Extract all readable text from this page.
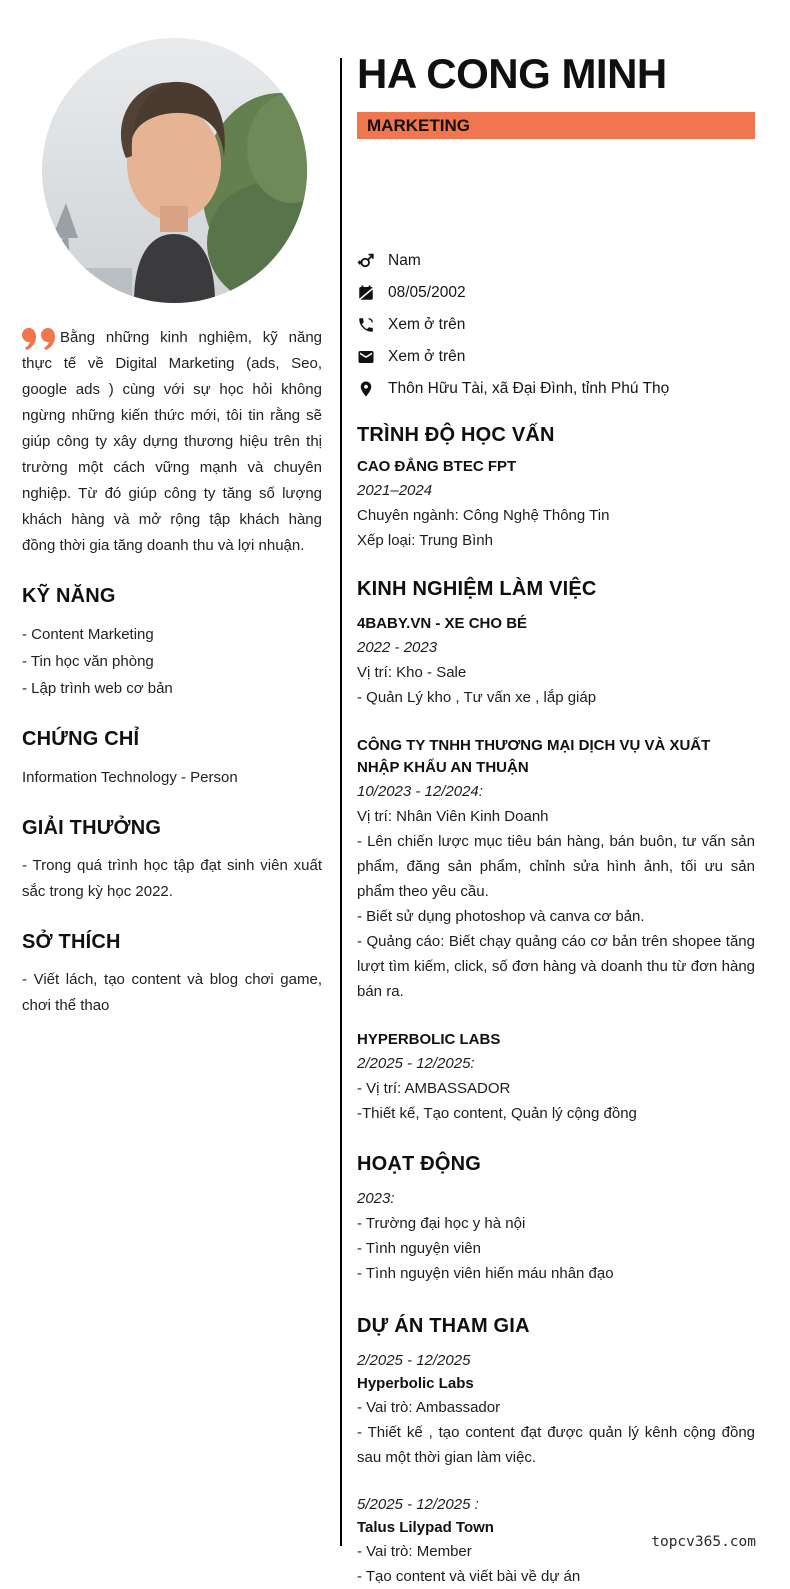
Bằng những kinh nghiệm, kỹ năng thực tế về Digital Marketing (ads, Seo, google ads ) cùng với sự học hỏi không ngừng những kiến thức mới, tôi tin rằng sẽ giúp công ty xây dựng thương hiệu trên thị trường một cách vững mạnh và chuyên nghiệp. Từ đó giúp công ty tăng số lượng khách hàng và mở rộng tập khách hàng đồng thời gia tăng doanh thu và lợi nhuận.
KỸ NĂNG
- Content Marketing
- Tin học văn phòng
- Lập trình web cơ bản
CHỨNG CHỈ
Information Technology - Person
GIẢI THƯỞNG
- Trong quá trình học tập đạt sinh viên xuất sắc trong kỳ học 2022.
SỞ THÍCH
- Viết lách, tạo content và blog chơi game, chơi thể thao
HA CONG MINH
MARKETING
Nam
08/05/2002
Xem ở trên
Xem ở trên
Thôn Hữu Tài, xã Đại Đình, tỉnh Phú Thọ
TRÌNH ĐỘ HỌC VẤN
CAO ĐẲNG BTEC FPT
2021–2024
Chuyên ngành: Công Nghệ Thông Tin
Xếp loại: Trung Bình
KINH NGHIỆM LÀM VIỆC
4BABY.VN - XE CHO BÉ
2022 - 2023
Vị trí: Kho - Sale
- Quản Lý kho , Tư vấn xe , lắp giáp
CÔNG TY TNHH THƯƠNG MẠI DỊCH VỤ VÀ XUẤT NHẬP KHẨU AN THUẬN
10/2023 - 12/2024:
Vị trí: Nhân Viên Kinh Doanh
- Lên chiến lược mục tiêu bán hàng, bán buôn, tư vấn sản phẩm, đăng sản phẩm, chỉnh sửa hình ảnh, tối ưu sản phẩm theo yêu cầu.
- Biết sử dụng photoshop và canva cơ bản.
- Quảng cáo: Biết chạy quảng cáo cơ bản trên shopee tăng lượt tìm kiếm, click, số đơn hàng và doanh thu từ đơn hàng bán ra.
HYPERBOLIC LABS
2/2025 - 12/2025:
- Vị trí: AMBASSADOR
-Thiết kế, Tạo content, Quản lý cộng đồng
HOẠT ĐỘNG
2023:
- Trường đại học y hà nội
- Tình nguyện viên
- Tình nguyện viên hiến máu nhân đạo
DỰ ÁN THAM GIA
2/2025 - 12/2025
Hyperbolic Labs
- Vai trò: Ambassador
- Thiết kế , tạo content đạt được quản lý kênh cộng đồng sau một thời gian làm việc.
5/2025 - 12/2025 :
Talus Lilypad Town
- Vai trò: Member
- Tạo content và viết bài về dự án
topcv365.com
